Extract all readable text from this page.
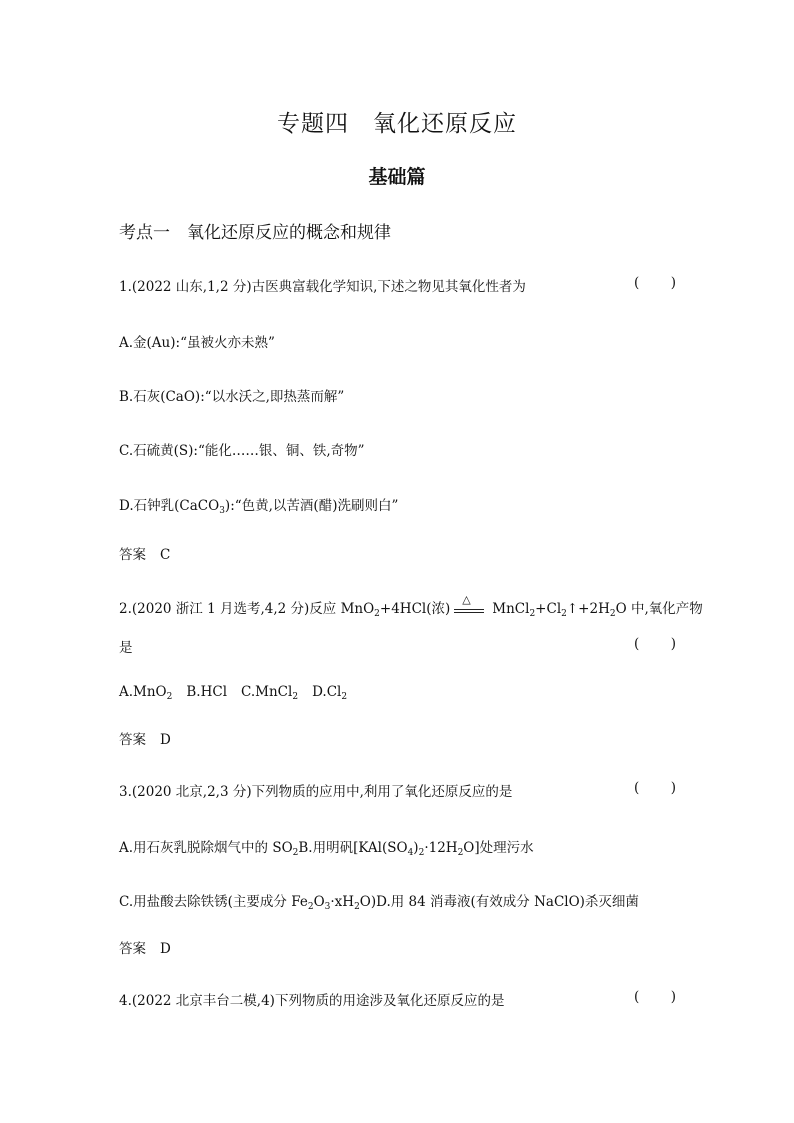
专题四　氧化还原反应
基础篇
考点一　氧化还原反应的概念和规律
1.(2022 山东,1,2 分)古医典富载化学知识,下述之物见其氧化性者为	( )
A.金(Au):“虽被火亦未熟”
B.石灰(CaO):“以水沃之,即热蒸而解”
C.石硫黄(S):“能化……银、铜、铁,奇物”
D.石钟乳(CaCO$_3$):“色黄,以苦酒(醋)洗刷则白”
答案 C
2.(2020 浙江 1 月选考,4,2 分)反应 MnO$_2$+4HCl(浓)
△
$MnCl_2+Cl_2↑+2H_2O$ 中,氧化产物
是	( )
A.MnO$_2$ B.HCl C.MnCl$_2$ $D.Cl_2$
答案 D
3.(2020 北京,2,3 分)下列物质的应用中,利用了氧化还原反应的是	( )
A.用石灰乳脱除烟气中的 $SO_2B$.用明矾$[KAl(SO_4)_2\cdot 12H_2O]$处理污水
C.用盐酸去除铁锈(主要成分 $Fe_2O_3\cdot xH_2O)D$.用 84 消毒液(有效成分 NaClO)杀灭细菌
答案 D
4.(2022 北京丰台二模,4)下列物质的用途涉及氧化还原反应的是	( )
